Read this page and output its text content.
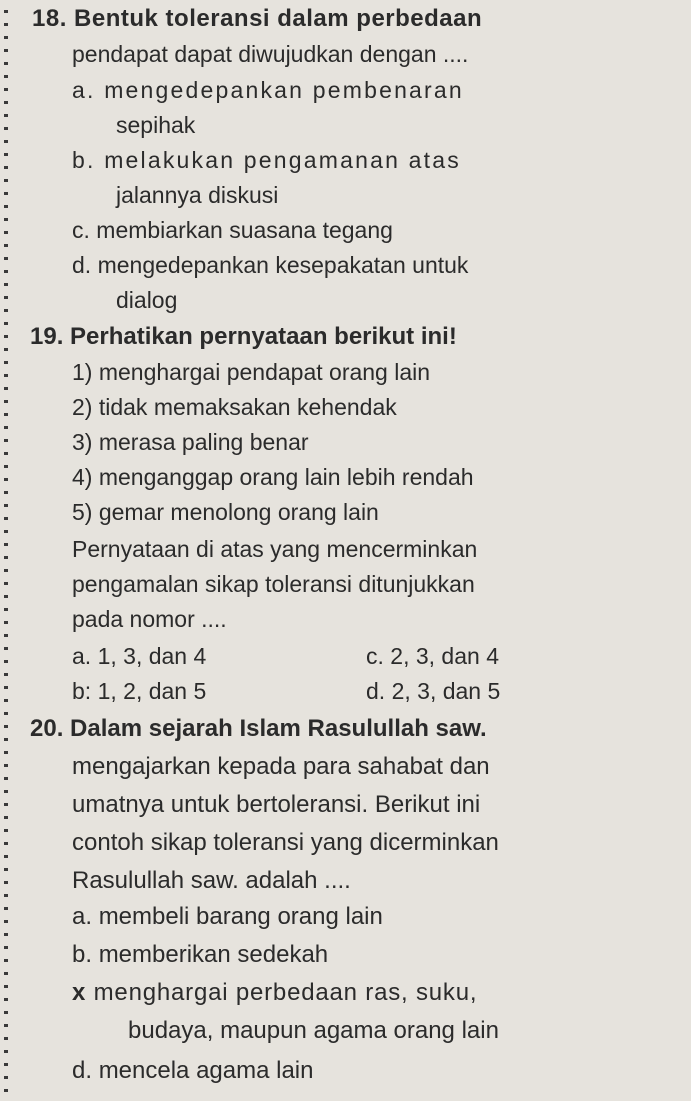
18. Bentuk toleransi dalam perbedaan
pendapat dapat diwujudkan dengan ....
a. mengedepankan pembenaran
sepihak
b. melakukan pengamanan atas
jalannya diskusi
c. membiarkan suasana tegang
d. mengedepankan kesepakatan untuk
dialog
19. Perhatikan pernyataan berikut ini!
1) menghargai pendapat orang lain
2) tidak memaksakan kehendak
3) merasa paling benar
4) menganggap orang lain lebih rendah
5) gemar menolong orang lain
Pernyataan di atas yang mencerminkan
pengamalan sikap toleransi ditunjukkan
pada nomor ....
a. 1, 3, dan 4	c. 2, 3, dan 4
b: 1, 2, dan 5	d. 2, 3, dan 5
20. Dalam sejarah Islam Rasulullah saw.
mengajarkan kepada para sahabat dan
umatnya untuk bertoleransi. Berikut ini
contoh sikap toleransi yang dicerminkan
Rasulullah saw. adalah ....
a. membeli barang orang lain
b. memberikan sedekah
x menghargai perbedaan ras, suku,
budaya, maupun agama orang lain
d. mencela agama lain
